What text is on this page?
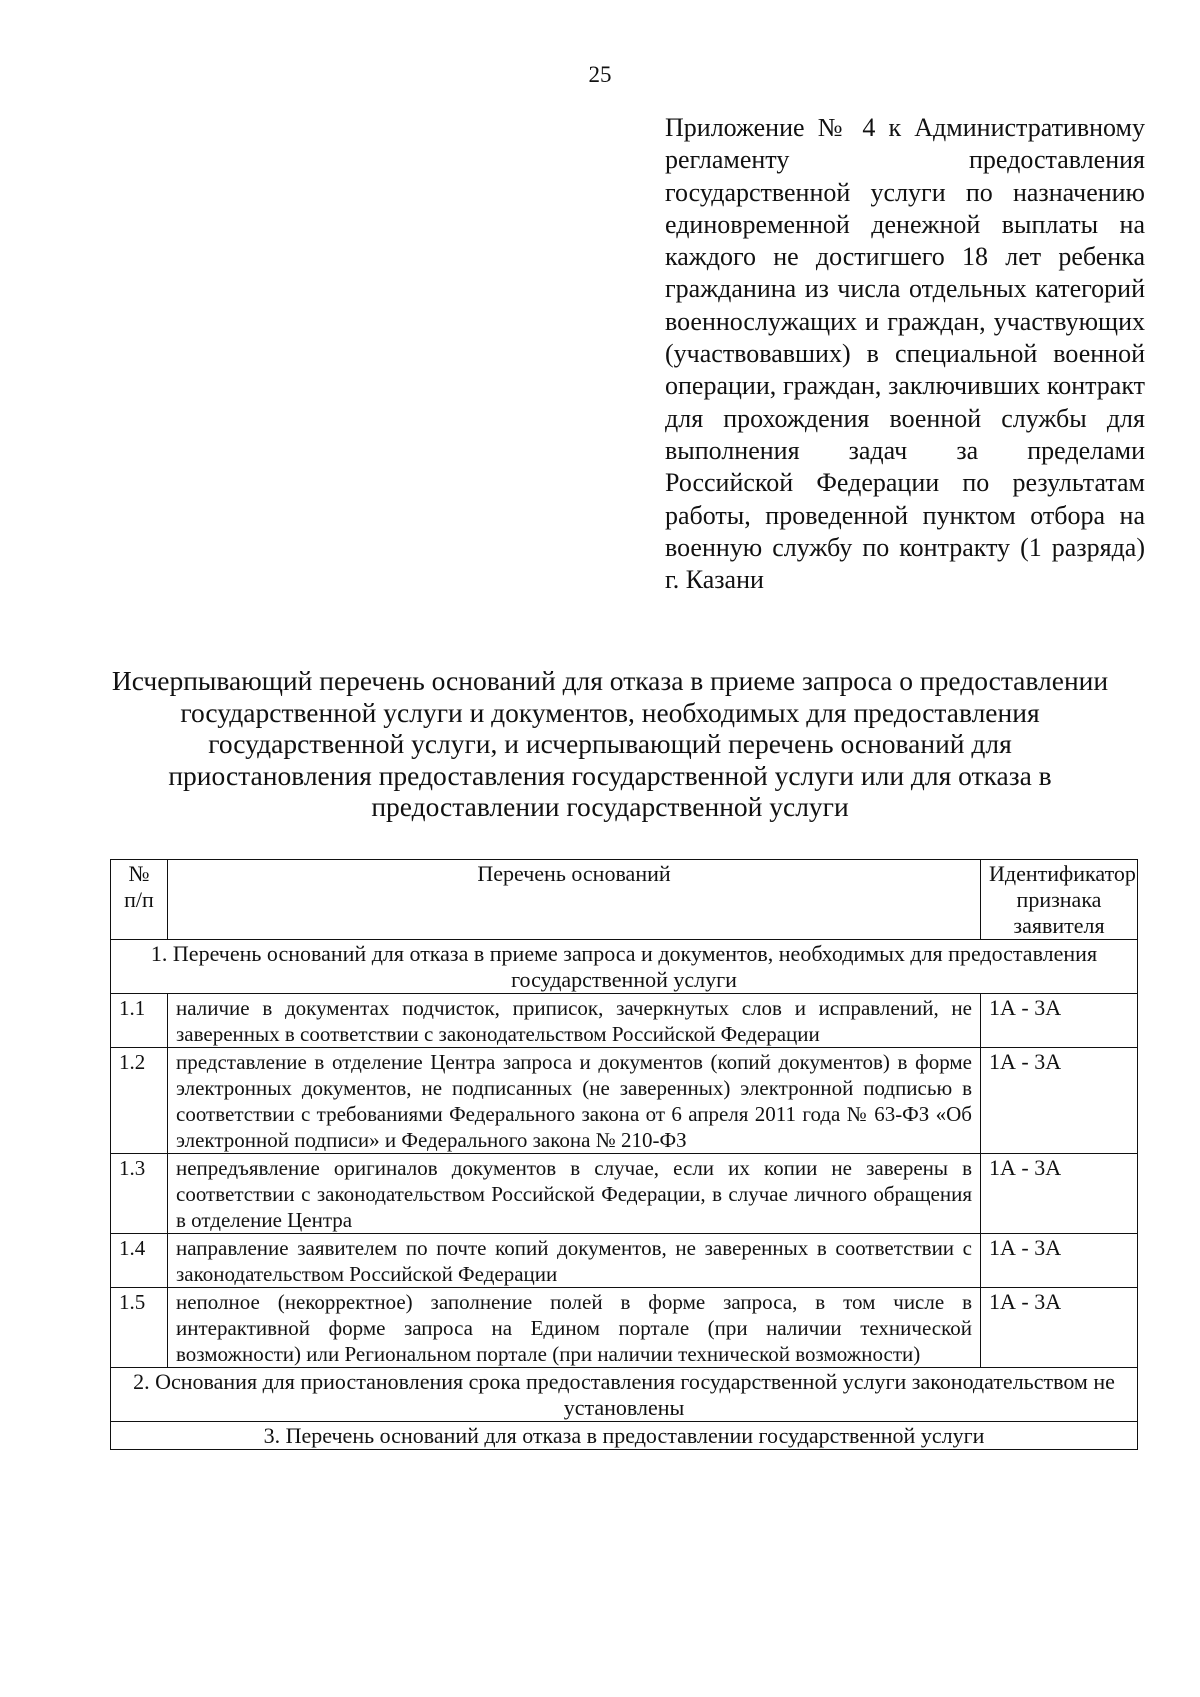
25
Приложение № 4 к Административному регламенту предоставления государственной услуги по назначению единовременной денежной выплаты на каждого не достигшего 18 лет ребенка гражданина из числа отдельных категорий военнослужащих и граждан, участвующих (участвовавших) в специальной военной операции, граждан, заключивших контракт для прохождения военной службы для выполнения задач за пределами Российской Федерации по результатам работы, проведенной пунктом отбора на военную службу по контракту (1 разряда) г. Казани
Исчерпывающий перечень оснований для отказа в приеме запроса о предоставлении государственной услуги и документов, необходимых для предоставления государственной услуги, и исчерпывающий перечень оснований для приостановления предоставления государственной услуги или для отказа в предоставлении государственной услуги
№ п/п	Перечень оснований	Идентификатор признака заявителя
1. Перечень оснований для отказа в приеме запроса и документов, необходимых для предоставления государственной услуги		
1.1	наличие в документах подчисток, приписок, зачеркнутых слов и исправлений, не заверенных в соответствии с законодательством Российской Федерации	1А - 3А
1.2	представление в отделение Центра запроса и документов (копий документов) в форме электронных документов, не подписанных (не заверенных) электронной подписью в соответствии с требованиями Федерального закона от 6 апреля 2011 года № 63-ФЗ «Об электронной подписи» и Федерального закона № 210-ФЗ	1А - 3А
1.3	непредъявление оригиналов документов в случае, если их копии не заверены в соответствии с законодательством Российской Федерации, в случае личного обращения в отделение Центра	1А - 3А
1.4	направление заявителем по почте копий документов, не заверенных в соответствии с законодательством Российской Федерации	1А - 3А
1.5	неполное (некорректное) заполнение полей в форме запроса, в том числе в интерактивной форме запроса на Едином портале (при наличии технической возможности) или Региональном портале (при наличии технической возможности)	1А - 3А
2. Основания для приостановления срока предоставления государственной услуги законодательством не установлены		
3. Перечень оснований для отказа в предоставлении государственной услуги		
